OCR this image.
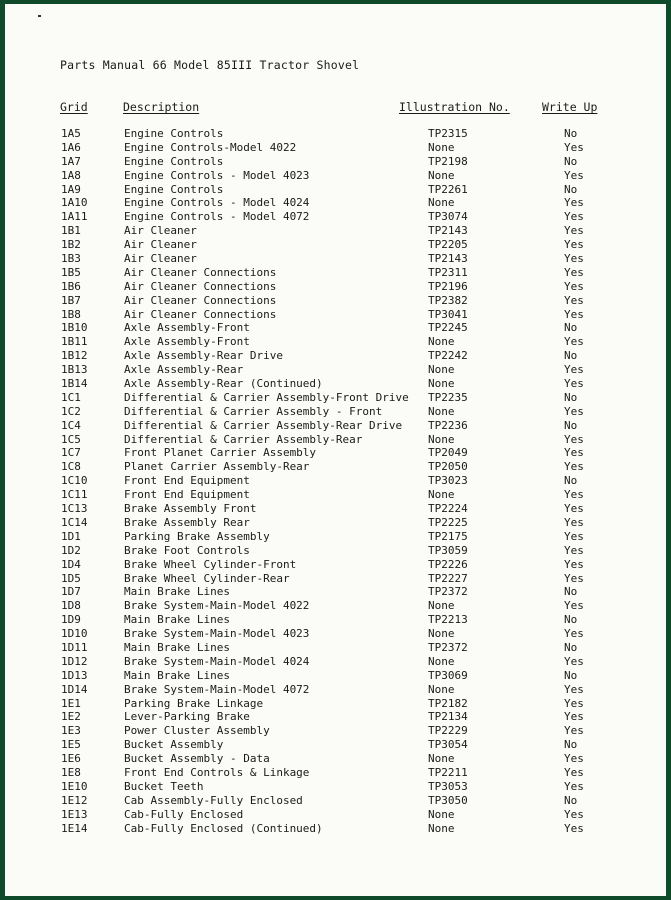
Parts Manual 66 Model 85III Tractor Shovel
Grid	Description	Illustration No.	Write Up
1A5	Engine Controls	TP2315	No
1A6	Engine Controls-Model 4022	None	Yes
1A7	Engine Controls	TP2198	No
1A8	Engine Controls - Model 4023	None	Yes
1A9	Engine Controls	TP2261	No
1A10	Engine Controls - Model 4024	None	Yes
1A11	Engine Controls - Model 4072	TP3074	Yes
1B1	Air Cleaner	TP2143	Yes
1B2	Air Cleaner	TP2205	Yes
1B3	Air Cleaner	TP2143	Yes
1B5	Air Cleaner Connections	TP2311	Yes
1B6	Air Cleaner Connections	TP2196	Yes
1B7	Air Cleaner Connections	TP2382	Yes
1B8	Air Cleaner Connections	TP3041	Yes
1B10	Axle Assembly-Front	TP2245	No
1B11	Axle Assembly-Front	None	Yes
1B12	Axle Assembly-Rear Drive	TP2242	No
1B13	Axle Assembly-Rear	None	Yes
1B14	Axle Assembly-Rear (Continued)	None	Yes
1C1	Differential & Carrier Assembly-Front Drive TP2235	No
1C2	Differential & Carrier Assembly - Front	None	Yes
1C4	Differential & Carrier Assembly-Rear Drive TP2236	No
1C5	Differential & Carrier Assembly-Rear	None	Yes
1C7	Front Planet Carrier Assembly	TP2049	Yes
1C8	Planet Carrier Assembly-Rear	TP2050	Yes
1C10	Front End Equipment	TP3023	No
1C11	Front End Equipment	None	Yes
1C13	Brake Assembly Front	TP2224	Yes
1C14	Brake Assembly Rear	TP2225	Yes
1D1	Parking Brake Assembly	TP2175	Yes
1D2	Brake Foot Controls	TP3059	Yes
1D4	Brake Wheel Cylinder-Front	TP2226	Yes
1D5	Brake Wheel Cylinder-Rear	TP2227	Yes
1D7	Main Brake Lines	TP2372	No
1D8	Brake System-Main-Model 4022	None	Yes
1D9	Main Brake Lines	TP2213	No
1D10	Brake System-Main-Model 4023	None	Yes
1D11	Main Brake Lines	TP2372	No
1D12	Brake System-Main-Model 4024	None	Yes
1D13	Main Brake Lines	TP3069	No
1D14	Brake System-Main-Model 4072	None	Yes
1E1	Parking Brake Linkage	TP2182	Yes
1E2	Lever-Parking Brake	TP2134	Yes
1E3	Power Cluster Assembly	TP2229	Yes
1E5	Bucket Assembly	TP3054	No
1E6	Bucket Assembly - Data	None	Yes
1E8	Front End Controls & Linkage	TP2211	Yes
1E10	Bucket Teeth	TP3053	Yes
1E12	Cab Assembly-Fully Enclosed	TP3050	No
1E13	Cab-Fully Enclosed	None	Yes
1E14	Cab-Fully Enclosed (Continued)	None	Yes
